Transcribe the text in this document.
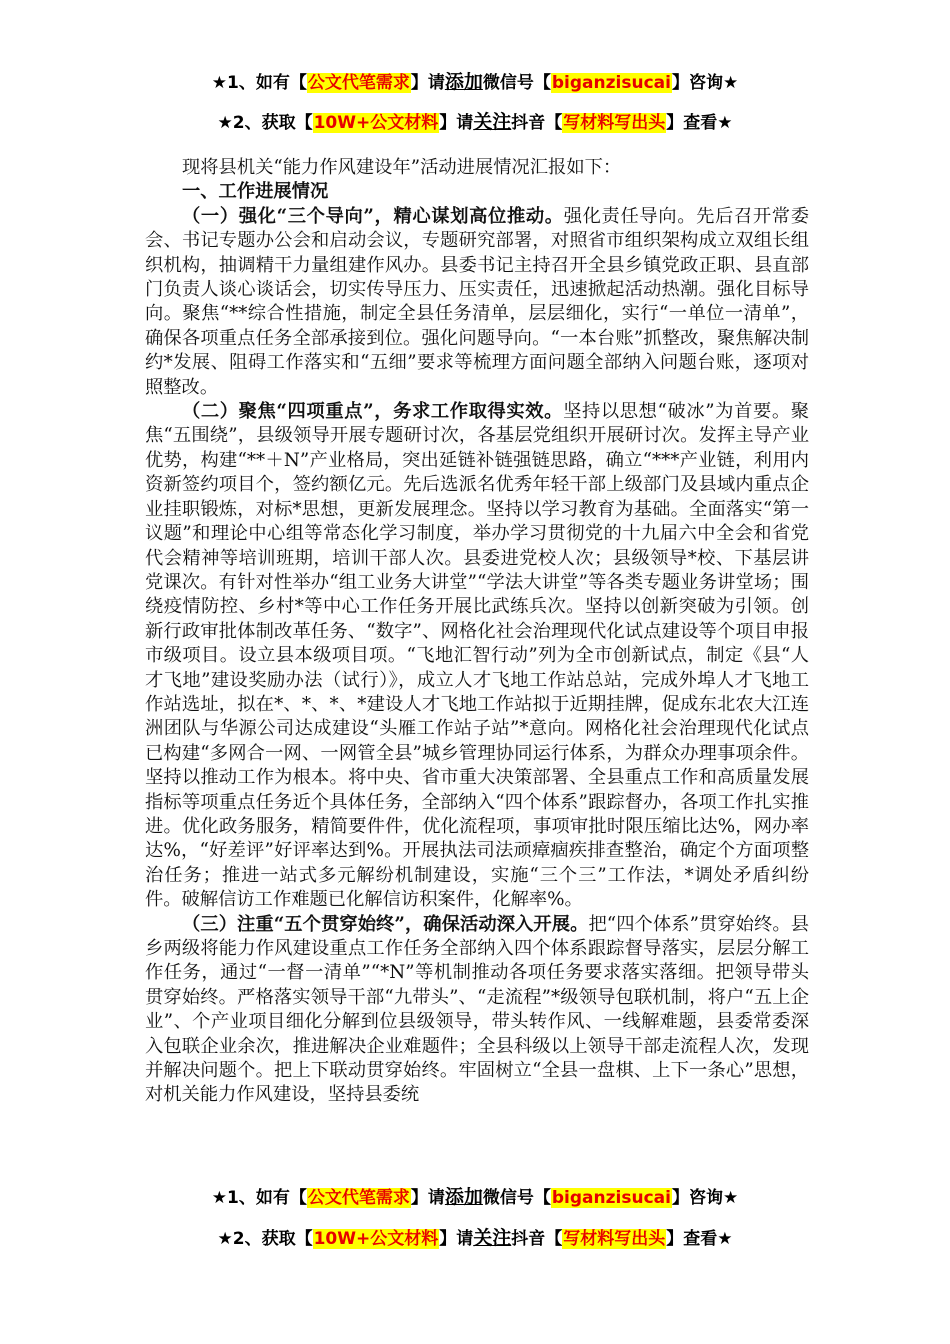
★1、如有【公文代笔需求】请添加微信号【biganzisucai】咨询★
★2、获取【10W+公文材料】请关注抖音【写材料写出头】查看★

现将县机关“能力作风建设年”活动进展情况汇报如下：

一、工作进展情况

（一）强化“三个导向”，精心谋划高位推动。强化责任导向。先后召开常委会、书记专题办公会和启动会议，专题研究部署，对照省市组织架构成立双组长组织机构，抽调精干力量组建作风办。县委书记主持召开全县乡镇党政正职、县直部门负责人谈心谈话会，切实传导压力、压实责任，迅速掀起活动热潮。强化目标导向。聚焦“**综合性措施，制定全县任务清单，层层细化，实行“一单位一清单”，确保各项重点任务全部承接到位。强化问题导向。“一本台账”抓整改，聚焦解决制约*发展、阻碍工作落实和“五细”要求等梳理方面问题全部纳入问题台账，逐项对照整改。

（二）聚焦“四项重点”，务求工作取得实效。坚持以思想“破冰”为首要。聚焦“五围绕”，县级领导开展专题研讨次，各基层党组织开展研讨次。发挥主导产业优势，构建“**＋N”产业格局，突出延链补链强链思路，确立“***产业链，利用内资新签约项目个，签约额亿元。先后选派名优秀年轻干部上级部门及县域内重点企业挂职锻炼，对标*思想，更新发展理念。坚持以学习教育为基础。全面落实“第一议题”和理论中心组等常态化学习制度，举办学习贯彻党的十九届六中全会和省党代会精神等培训班期，培训干部人次。县委进党校人次；县级领导*校、下基层讲党课次。有针对性举办“组工业务大讲堂”“学法大讲堂”等各类专题业务讲堂场；围绕疫情防控、乡村*等中心工作任务开展比武练兵次。坚持以创新突破为引领。创新行政审批体制改革任务、“数字”、网格化社会治理现代化试点建设等个项目申报市级项目。设立县本级项目项。“飞地汇智行动”列为全市创新试点，制定《县“人才飞地”建设奖励办法（试行）》，成立人才飞地工作站总站，完成外埠人才飞地工作站选址，拟在*、*、*、*建设人才飞地工作站拟于近期挂牌，促成东北农大江连洲团队与华源公司达成建设“头雁工作站子站”*意向。网格化社会治理现代化试点已构建“多网合一网、一网管全县”城乡管理协同运行体系，为群众办理事项余件。坚持以推动工作为根本。将中央、省市重大决策部署、全县重点工作和高质量发展指标等项重点任务近个具体任务，全部纳入“四个体系”跟踪督办，各项工作扎实推进。优化政务服务，精简要件件，优化流程项，事项审批时限压缩比达%，网办率达%，“好差评”好评率达到%。开展执法司法顽瘴痼疾排查整治，确定个方面项整治任务；推进一站式多元解纷机制建设，实施“三个三”工作法，*调处矛盾纠纷件。破解信访工作难题已化解信访积案件，化解率%。

（三）注重“五个贯穿始终”，确保活动深入开展。把“四个体系”贯穿始终。县乡两级将能力作风建设重点工作任务全部纳入四个体系跟踪督导落实，层层分解工作任务，通过“一督一清单”“*N”等机制推动各项任务要求落实落细。把领导带头贯穿始终。严格落实领导干部“九带头”、“走流程”*级领导包联机制，将户“五上企业”、个产业项目细化分解到位县级领导，带头转作风、一线解难题，县委常委深入包联企业余次，推进解决企业难题件；全县科级以上领导干部走流程人次，发现并解决问题个。把上下联动贯穿始终。牢固树立“全县一盘棋、上下一条心”思想，对机关能力作风建设，坚持县委统

★1、如有【公文代笔需求】请添加微信号【biganzisucai】咨询★
★2、获取【10W+公文材料】请关注抖音【写材料写出头】查看★
